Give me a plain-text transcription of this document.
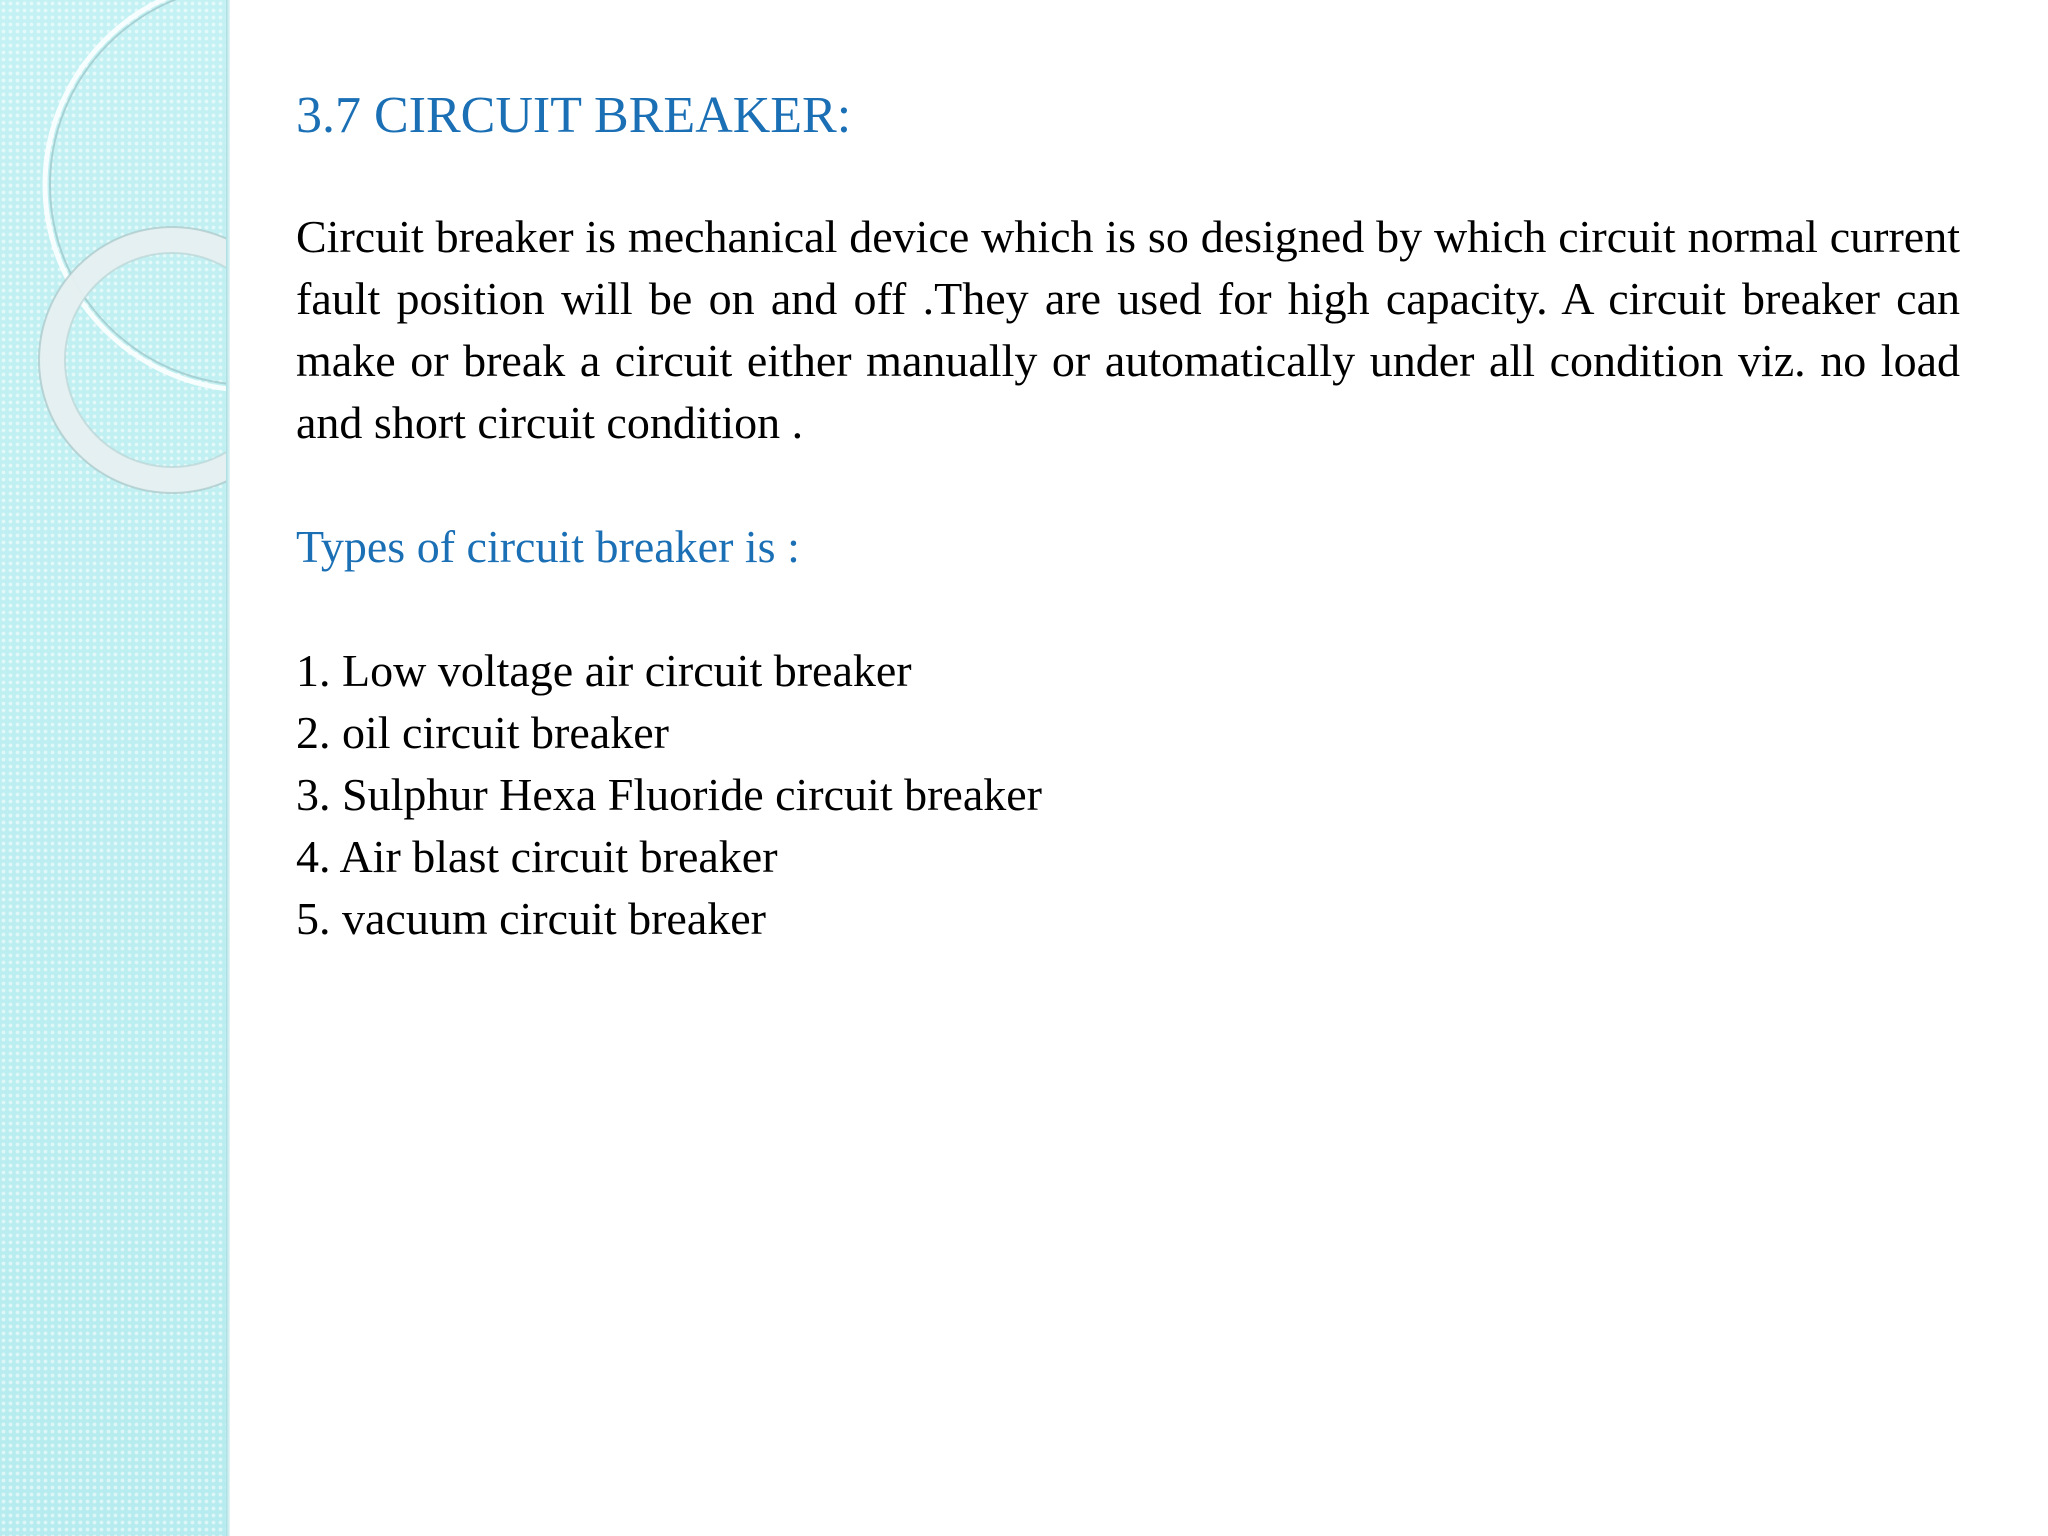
3.7 CIRCUIT BREAKER:

Circuit breaker is mechanical device which is so designed by which circuit normal current fault position will be on and off .They are used for high capacity. A circuit breaker can make or break a circuit either manually or automatically under all condition viz. no load and short circuit condition .

Types of circuit breaker is :

1. Low voltage air circuit breaker
2. oil circuit breaker
3. Sulphur Hexa Fluoride circuit breaker
4. Air blast circuit breaker
5. vacuum circuit breaker
